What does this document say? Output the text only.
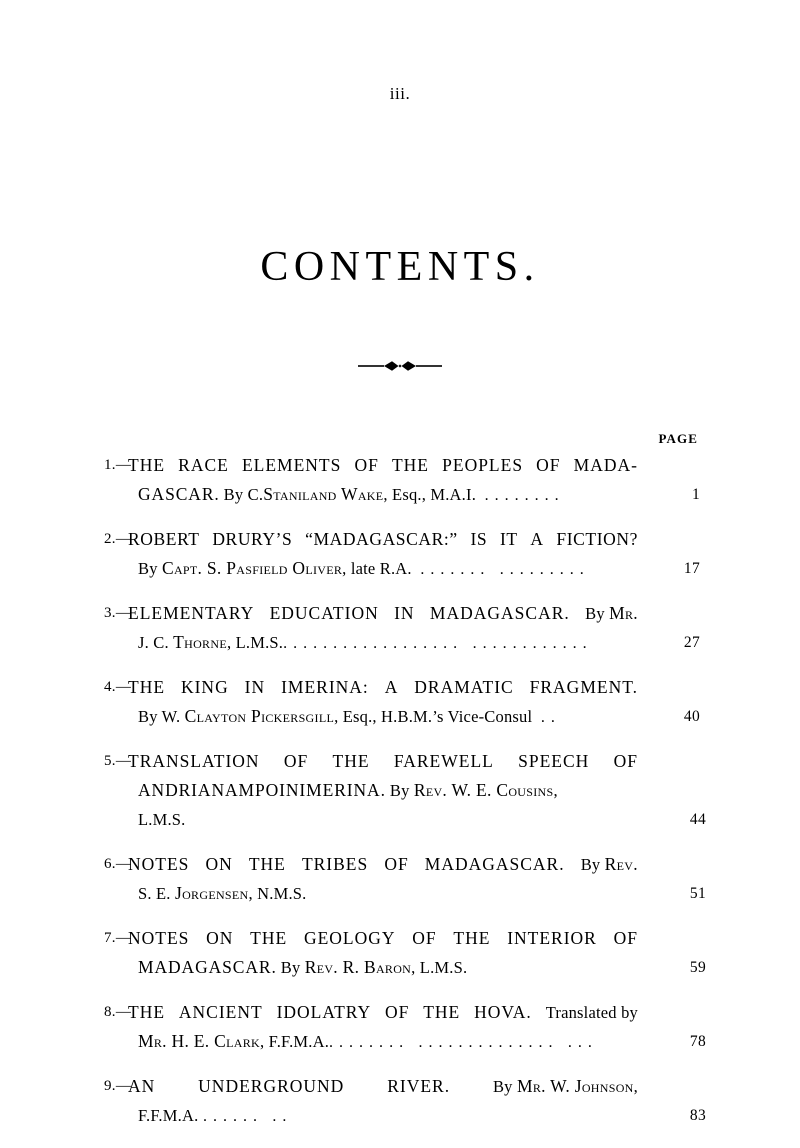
iii.
CONTENTS.
PAGE
1.—
THE RACE ELEMENTS OF THE PEOPLES OF MADA-
GASCAR. By C.Staniland Wake, Esq., M.A.I.  . . . . . . . .	1
2.—
ROBERT DRURY’S “MADAGASCAR:” IS IT A FICTION?
By Capt. S. Pasfield Oliver, late R.A.  . . . . . . .  . . . . . . . . .	17
3.—
ELEMENTARY EDUCATION IN MADAGASCAR. By Mr.
J. C. Thorne, L.M.S.. . . . . . . . . . . . . . . . . .  . . . . . . . . . . . .	27
4.—
THE KING IN IMERINA: A DRAMATIC FRAGMENT.
By W. Clayton Pickersgill, Esq., H.B.M.’s Vice-Consul  . .	40
5.—
TRANSLATION OF THE FAREWELL SPEECH OF
ANDRIANAMPOINIMERINA. By Rev. W. E. Cousins,
L.M.S.	44
6.—
NOTES ON THE TRIBES OF MADAGASCAR. By Rev.
S. E. Jorgensen, N.M.S.	51
7.—
NOTES ON THE GEOLOGY OF THE INTERIOR OF
MADAGASCAR. By Rev. R. Baron, L.M.S.	59
8.—
THE ANCIENT IDOLATRY OF THE HOVA. Translated by
Mr. H. E. Clark, F.F.M.A.. . . . . . . .  . . . . . . . . . . . . . .  . . .	78
9.—
AN UNDERGROUND RIVER.	By Mr. W. Johnson,
F.F.M.A. . . . . . .  . .	83
